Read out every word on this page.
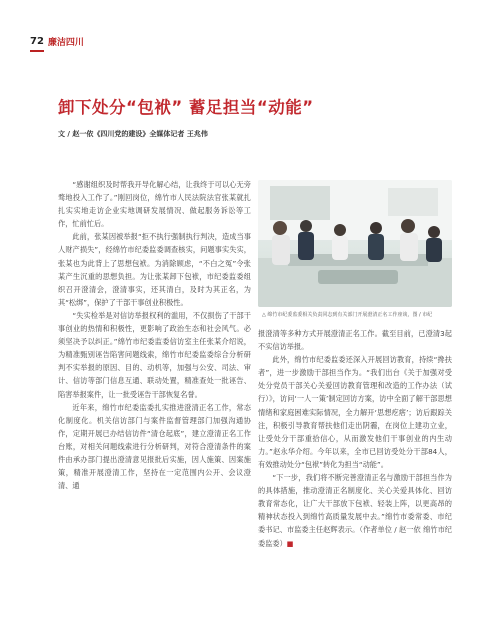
72 廉洁四川
卸下处分“包袱” 蓄足担当“动能”
文 / 赵一依《四川党的建设》全媒体记者 王兆伟

“感谢组织及时帮我开导化解心结，让我终于可以心无旁骛地投入工作了。”刚回岗位，绵竹市人民法院法官张某就扎扎实实地走访企业实地调研发展情况、做起服务诉讼等工作，忙前忙后。

此前，张某因被举报“拒不执行强制执行判决，造成当事人财产损失”，经绵竹市纪委监委调查核实，问题事实失实，张某也为此背上了思想包袱。为消除顾虑，“不白之冤”令张某产生沉重的思想负担。为让张某卸下包袱，市纪委监委组织召开澄清会，澄清事实，还其清白，及时为其正名，为其“松绑”，保护了干部干事创业积极性。

“失实检举是对信访举报权利的滥用，不仅损伤了干部干事创业的热情和积极性，更影响了政治生态和社会风气。必须坚决予以纠正。”绵竹市纪委监委信访室主任张某介绍说，为精准甄别诬告陷害问题线索，绵竹市纪委监委综合分析研判不实举报的原因、目的、动机等，加强与公安、司法、审计、信访等部门信息互通、联动处置，精准查处一批诬告、陷害举报案件，让一批受诬告干部恢复名誉。

近年来，绵竹市纪委监委扎实推进澄清正名工作，常态化制度化。机关信访部门与案件监督管理部门加强沟通协作，定期开展已办结信访件“清仓起底”，建立澄清正名工作台账，对相关问题线索进行分析研判，对符合澄清条件的案件由承办部门提出澄清意见报批后实施，因人施策、因案施策，精准开展澄清工作，坚持在一定范围内公开、会议澄清、通

△ 绵竹市纪委监委相关负责同志到有关部门开展澄清正名工作座谈，图 / 市纪

报澄清等多种方式开展澄清正名工作。截至目前，已澄清3起不实信访举报。

此外，绵竹市纪委监委还深入开展回访教育，持续“搀扶者”，进一步激励干部担当作为。“我们出台《关于加强对受处分党员干部关心关爱回访教育管理和改造的工作办法（试行）》，访问‘一人一策’制定回访方案，访中全面了解干部思想情绪和家庭困难实际情况，全力解开‘思想疙瘩’；访后跟踪关注，积极引导教育帮扶他们走出阴霾，在岗位上建功立业，让受处分干部重拾信心，从而激发他们干事创业的内生动力。”赵永华介绍。今年以来，全市已回访受处分干部84人，有效推动处分“包袱”转化为担当“动能”。

“下一步，我们将不断完善澄清正名与激励干部担当作为的具体措施，推动澄清正名制度化、关心关爱具体化、回访教育常态化，让广大干部放下包袱、轻装上阵，以更高昂的精神状态投入到绵竹高质量发展中去。”绵竹市委常委、市纪委书记、市监委主任赵辉表示。（作者单位 / 赵一依 绵竹市纪委监委）■
